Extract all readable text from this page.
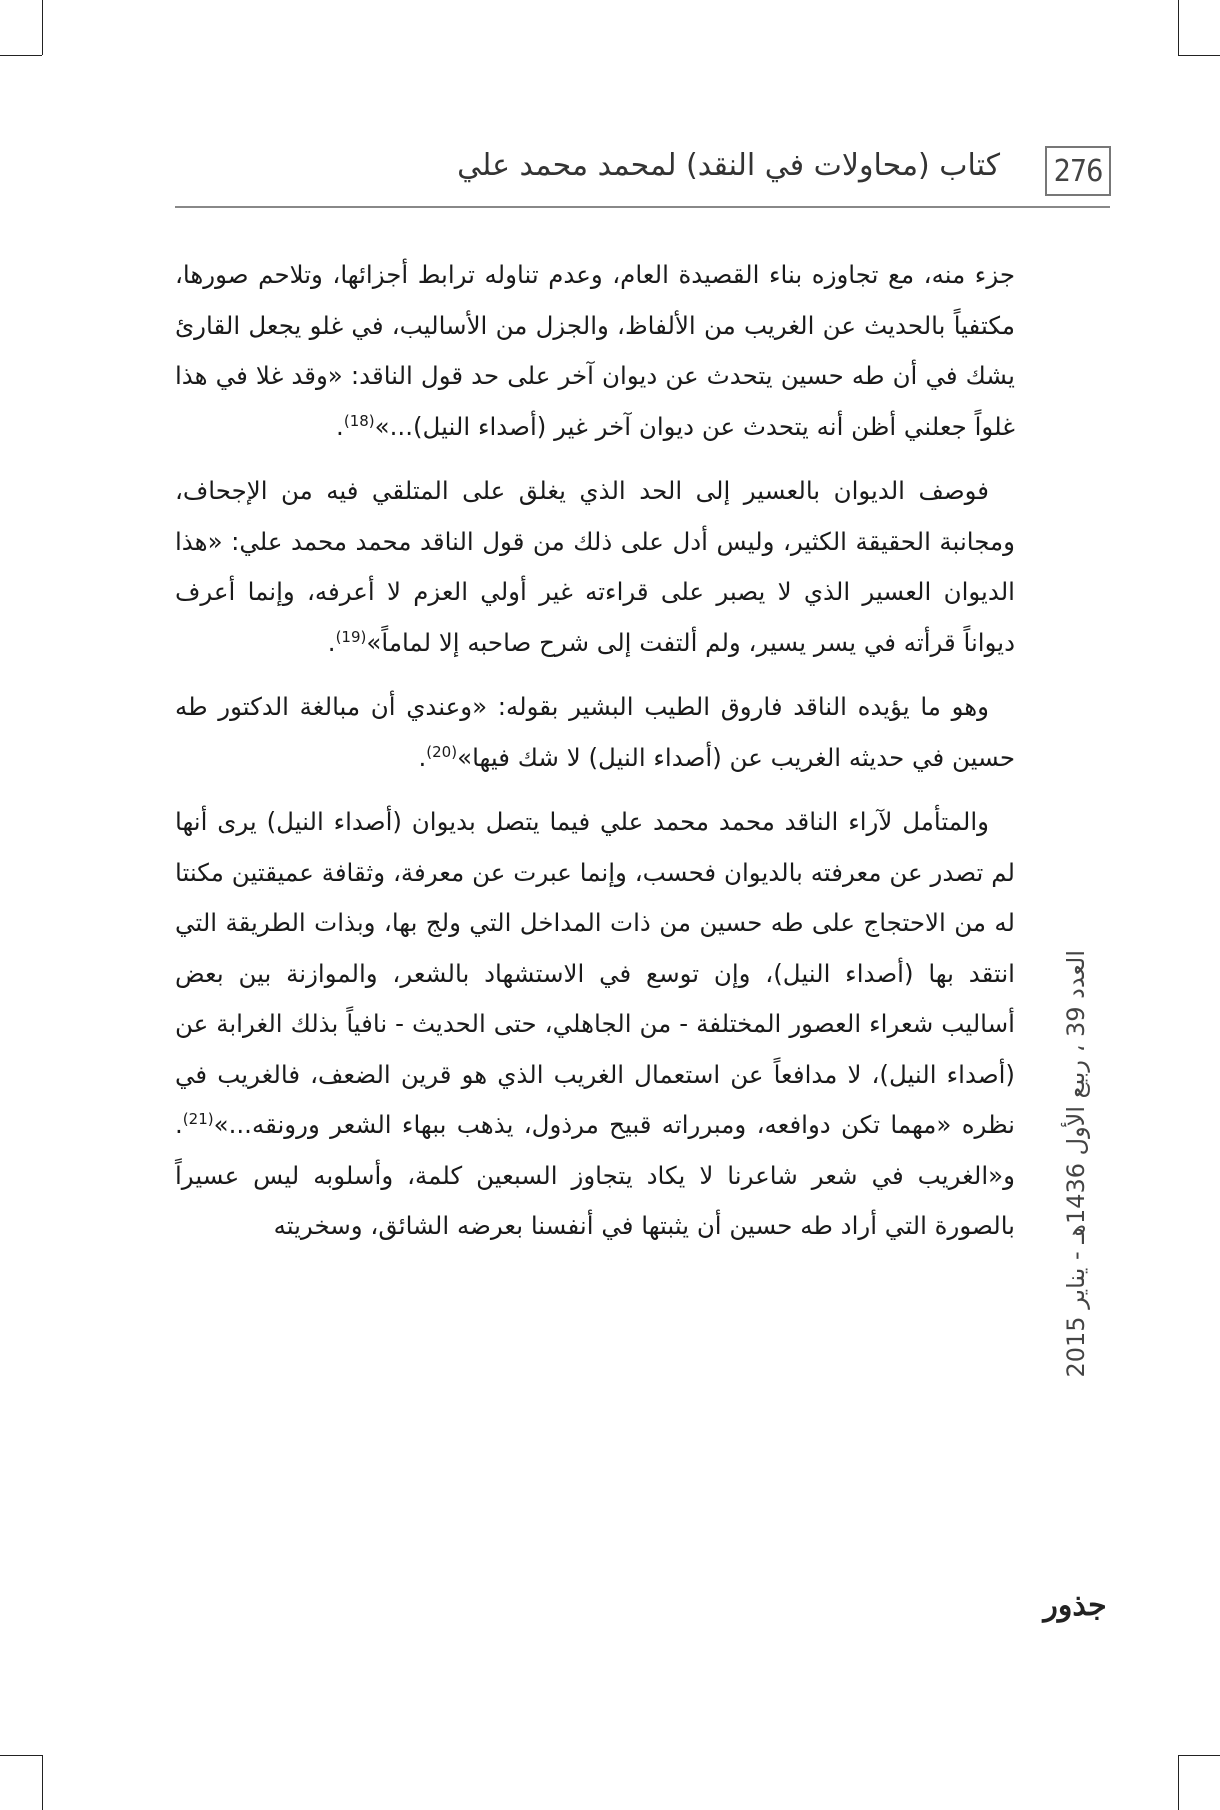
276
كتاب (محاولات في النقد) لمحمد محمد علي

جزء منه، مع تجاوزه بناء القصيدة العام، وعدم تناوله ترابط أجزائها، وتلاحم صورها، مكتفياً بالحديث عن الغريب من الألفاظ، والجزل من الأساليب، في غلو يجعل القارئ يشك في أن طه حسين يتحدث عن ديوان آخر على حد قول الناقد: «وقد غلا في هذا غلواً جعلني أظن أنه يتحدث عن ديوان آخر غير (أصداء النيل)...»$^{(18)}$.

فوصف الديوان بالعسير إلى الحد الذي يغلق على المتلقي فيه من الإجحاف، ومجانبة الحقيقة الكثير، وليس أدل على ذلك من قول الناقد محمد محمد علي: «هذا الديوان العسير الذي لا يصبر على قراءته غير أولي العزم لا أعرفه، وإنما أعرف ديواناً قرأته في يسر يسير، ولم ألتفت إلى شرح صاحبه إلا لماماً»$^{(19)}$.

وهو ما يؤيده الناقد فاروق الطيب البشير بقوله: «وعندي أن مبالغة الدكتور طه حسين في حديثه الغريب عن (أصداء النيل) لا شك فيها»$^{(20)}$.

والمتأمل لآراء الناقد محمد محمد علي فيما يتصل بديوان (أصداء النيل) يرى أنها لم تصدر عن معرفته بالديوان فحسب، وإنما عبرت عن معرفة، وثقافة عميقتين مكنتا له من الاحتجاج على طه حسين من ذات المداخل التي ولج بها، وبذات الطريقة التي انتقد بها (أصداء النيل)، وإن توسع في الاستشهاد بالشعر، والموازنة بين بعض أساليب شعراء العصور المختلفة - من الجاهلي، حتى الحديث - نافياً بذلك الغرابة عن (أصداء النيل)، لا مدافعاً عن استعمال الغريب الذي هو قرين الضعف، فالغريب في نظره «مهما تكن دوافعه، ومبرراته قبيح مرذول، يذهب ببهاء الشعر ورونقه...»$^{(21)}$. و«الغريب في شعر شاعرنا لا يكاد يتجاوز السبعين كلمة، وأسلوبه ليس عسيراً بالصورة التي أراد طه حسين أن يثبتها في أنفسنا بعرضه الشائق، وسخريته

العدد 39 ، ربيع الأول 1436هـ - يناير 2015
جذور
